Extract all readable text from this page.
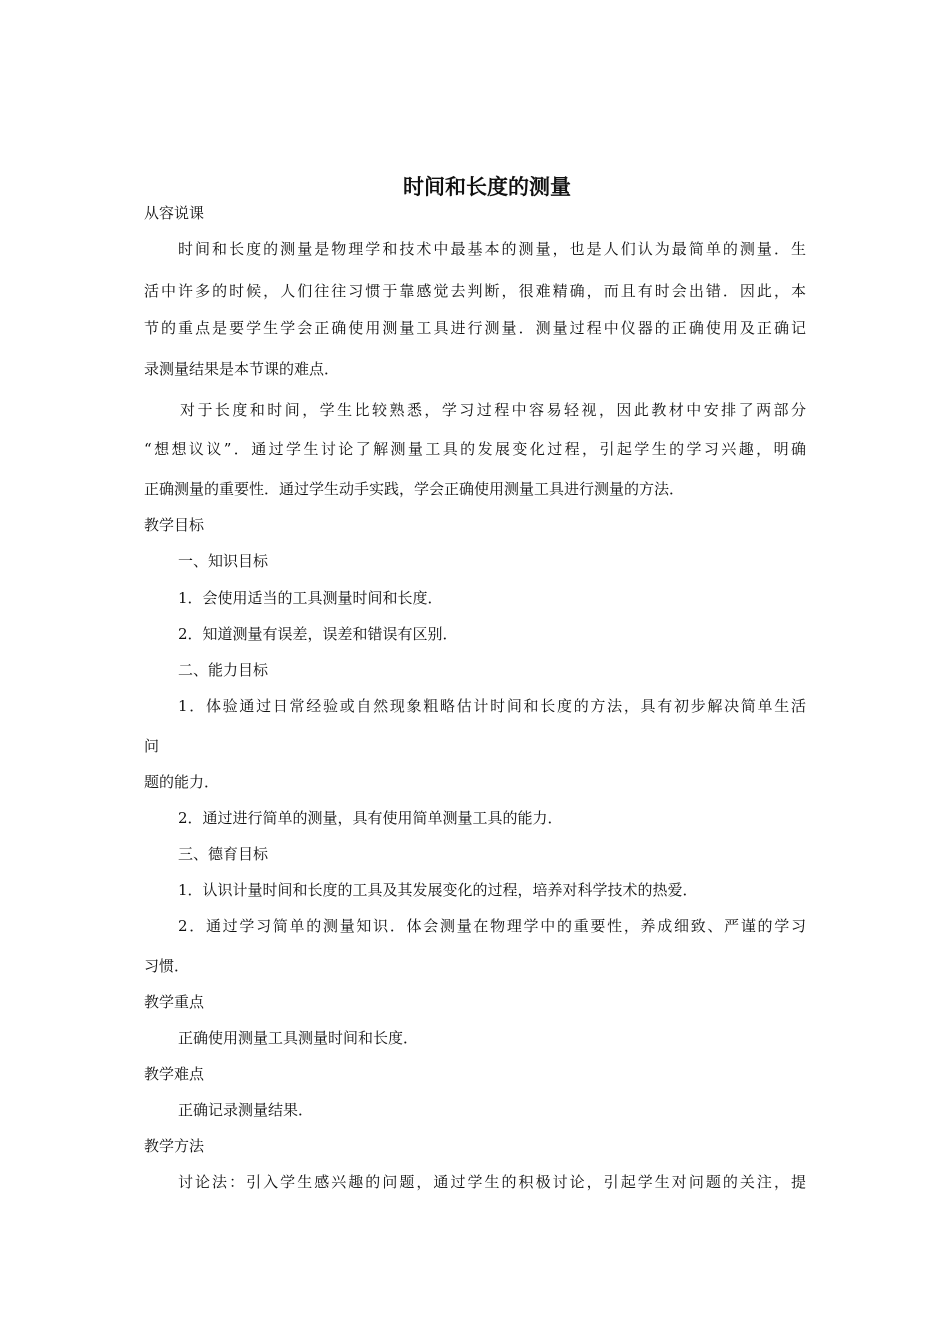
时间和长度的测量
从容说课
时间和长度的测量是物理学和技术中最基本的测量，也是人们认为最简单的测量．生
活中许多的时候，人们往往习惯于靠感觉去判断，很难精确，而且有时会出错．因此，本
节的重点是要学生学会正确使用测量工具进行测量．测量过程中仪器的正确使用及正确记
录测量结果是本节课的难点．
对于长度和时间，学生比较熟悉，学习过程中容易轻视，因此教材中安排了两部分
“想想议议”．通过学生讨论了解测量工具的发展变化过程，引起学生的学习兴趣，明确
正确测量的重要性．通过学生动手实践，学会正确使用测量工具进行测量的方法．
教学目标
一、知识目标
1．会使用适当的工具测量时间和长度．
2．知道测量有误差，误差和错误有区别．
二、能力目标
1．体验通过日常经验或自然现象粗略估计时间和长度的方法，具有初步解决简单生活
问
题的能力．
2．通过进行简单的测量，具有使用简单测量工具的能力．
三、德育目标
1．认识计量时间和长度的工具及其发展变化的过程，培养对科学技术的热爱．
2．通过学习简单的测量知识．体会测量在物理学中的重要性，养成细致、严谨的学习
习惯．
教学重点
正确使用测量工具测量时间和长度．
教学难点
正确记录测量结果．
教学方法
讨论法：引入学生感兴趣的问题，通过学生的积极讨论，引起学生对问题的关注，提
